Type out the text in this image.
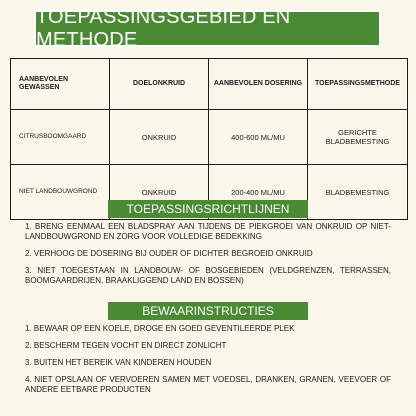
TOEPASSINGSGEBIED EN METHODE
AANBEVOLEN GEWASSEN	DOELONKRUID	AANBEVOLEN DOSERING	TOEPASSINGSMETHODE
CITRUSBOOMGAARD	ONKRUID	400-600 ML/MU	GERICHTE BLADBEMESTING
NIET LANDBOUWGROND	ONKRUID	200-400 ML/MU	BLADBEMESTING
TOEPASSINGSRICHTLIJNEN
1. BRENG EENMAAL EEN BLADSPRAY AAN TIJDENS DE PIEKGROEI VAN ONKRUID OP NIET-LANDBOUWGROND EN ZORG VOOR VOLLEDIGE BEDEKKING
2. VERHOOG DE DOSERING BIJ OUDER OF DICHTER BEGROEID ONKRUID
3. NIET TOEGESTAAN IN LANDBOUW- OF BOSGEBIEDEN (VELDGRENZEN, TERRASSEN, BOOMGAARDRIJEN, BRAAKLIGGEND LAND EN BOSSEN)
BEWAARINSTRUCTIES
1. BEWAAR OP EEN KOELE, DROGE EN GOED GEVENTILEERDE PLEK
2. BESCHERM TEGEN VOCHT EN DIRECT ZONLICHT
3. BUITEN HET BEREIK VAN KINDEREN HOUDEN
4. NIET OPSLAAN OF VERVOEREN SAMEN MET VOEDSEL, DRANKEN, GRANEN, VEEVOER OF ANDERE EETBARE PRODUCTEN
